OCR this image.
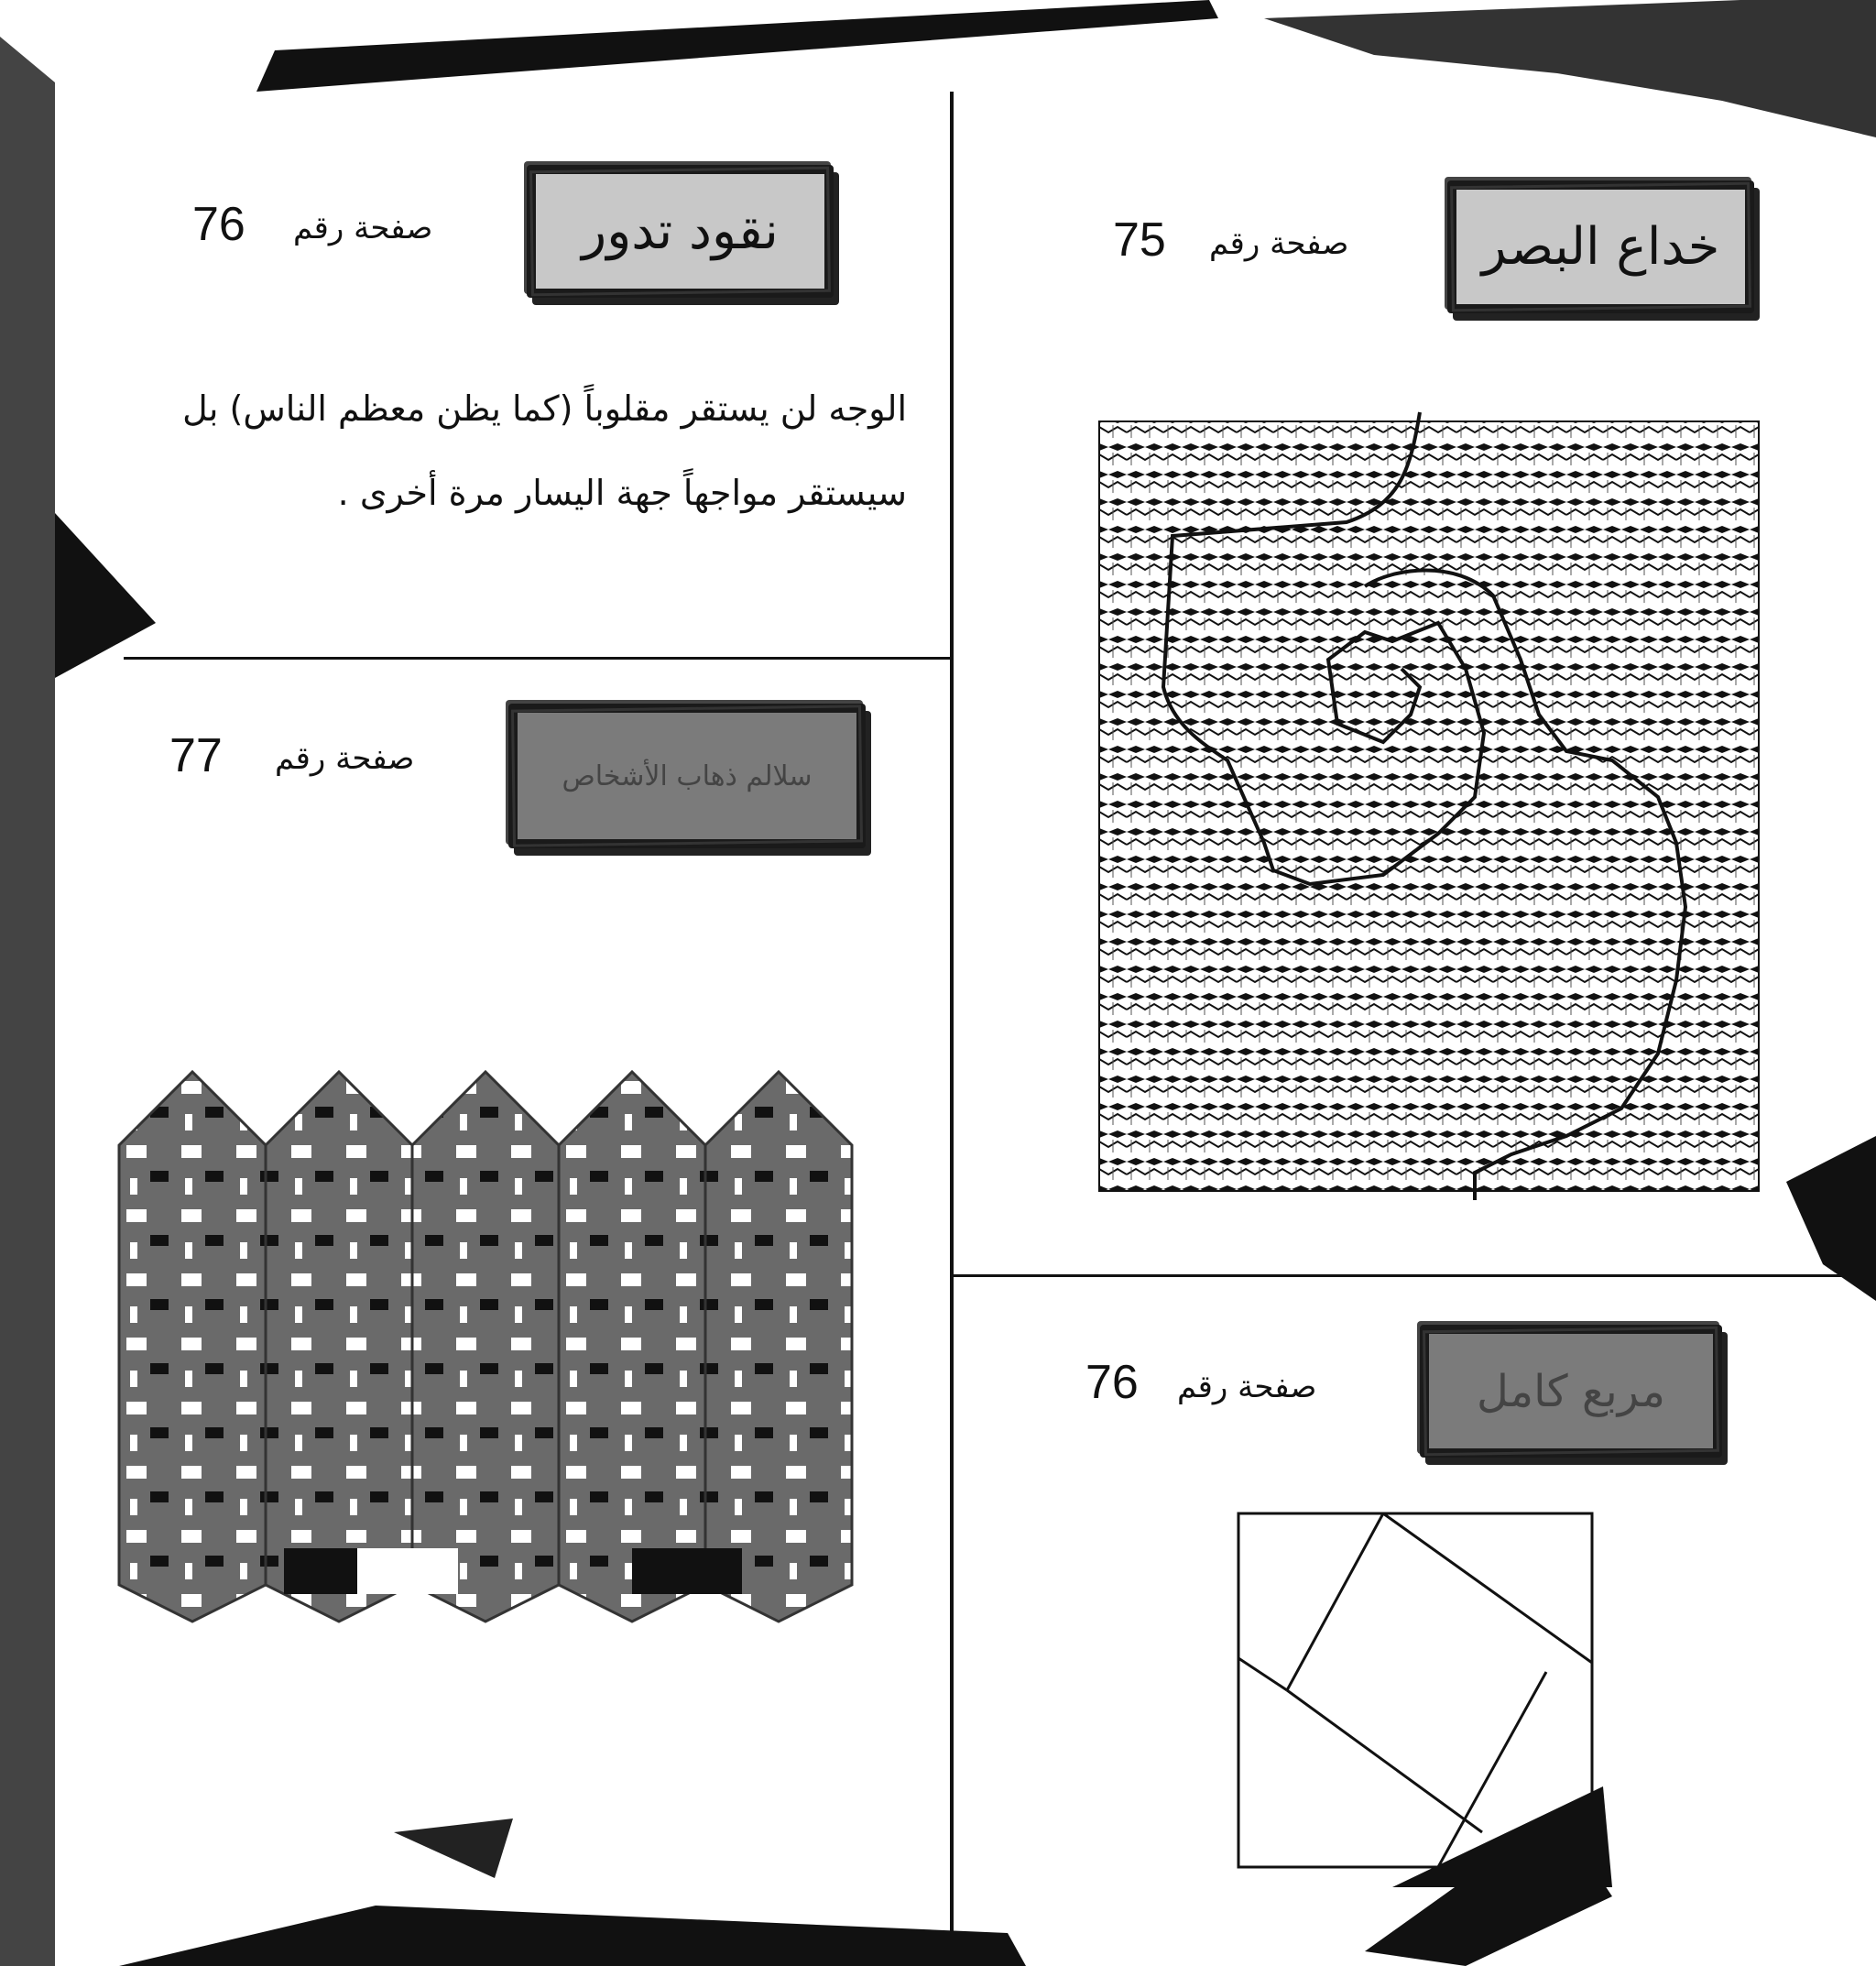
خداع البصر
صفحة رقم
75
نقود تدور
صفحة رقم
76
الوجه لن يستقر مقلوباً (كما يظن معظم الناس) بل سيستقر مواجهاً جهة اليسار مرة أخرى .
مربع كامل
صفحة رقم
76
سلالم ذهاب الأشخاص
صفحة رقم
77
